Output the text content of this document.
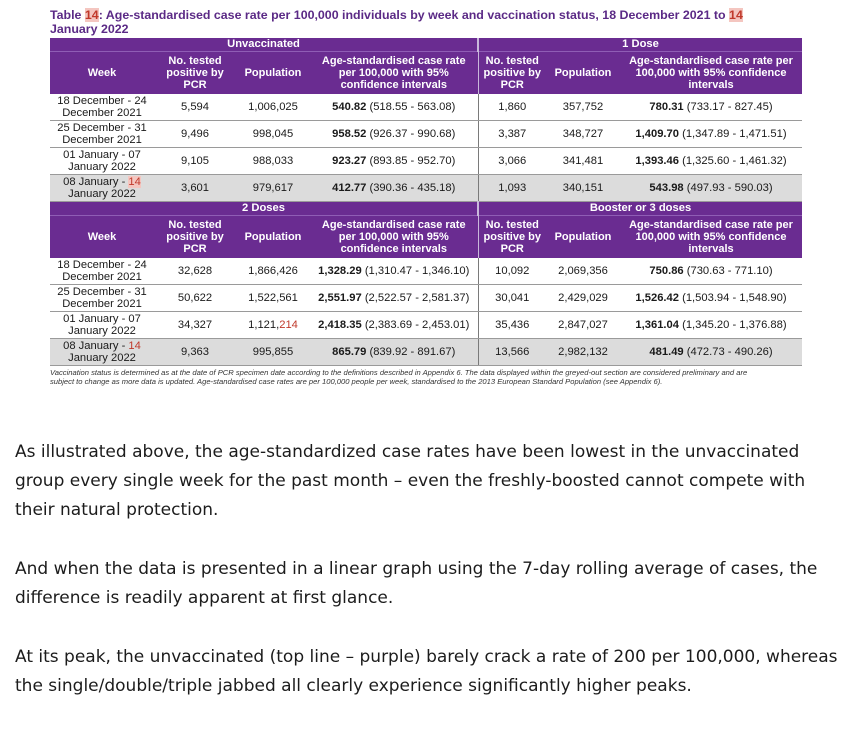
Table 14: Age-standardised case rate per 100,000 individuals by week and vaccination status, 18 December 2021 to 14
January 2022
Unvaccinated				1 Dose		
Week	No. tested positive by PCR	Population	Age-standardised case rate per 100,000 with 95% confidence intervals	No. tested positive by PCR	Population	Age-standardised case rate per 100,000 with 95% confidence intervals
18 December - 24 December 2021	5,594	1,006,025	540.82 (518.55 - 563.08)	1,860	357,752	780.31 (733.17 - 827.45)
25 December - 31 December 2021	9,496	998,045	958.52 (926.37 - 990.68)	3,387	348,727	1,409.70 (1,347.89 - 1,471.51)
01 January - 07 January 2022	9,105	988,033	923.27 (893.85 - 952.70)	3,066	341,481	1,393.46 (1,325.60 - 1,461.32)
08 January - 14
January 2022	3,601	979,617	412.77 (390.36 - 435.18)	1,093	340,151	543.98 (497.93 - 590.03)
2 Doses				Booster or 3 doses		
Week	No. tested positive by PCR	Population	Age-standardised case rate per 100,000 with 95% confidence intervals	No. tested positive by PCR	Population	Age-standardised case rate per 100,000 with 95% confidence intervals
18 December - 24 December 2021	32,628	1,866,426	1,328.29 (1,310.47 - 1,346.10)	10,092	2,069,356	750.86 (730.63 - 771.10)
25 December - 31 December 2021	50,622	1,522,561	2,551.97 (2,522.57 - 2,581.37)	30,041	2,429,029	1,526.42 (1,503.94 - 1,548.90)
01 January - 07 January 2022	34,327	1,121,214	2,418.35 (2,383.69 - 2,453.01)	35,436	2,847,027	1,361.04 (1,345.20 - 1,376.88)
08 January - 14
January 2022	9,363	995,855	865.79 (839.92 - 891.67)	13,566	2,982,132	481.49 (472.73 - 490.26)
Vaccination status is determined as at the date of PCR specimen date according to the definitions described in Appendix 6. The data displayed within the greyed-out section are considered preliminary and are subject to change as more data is updated. Age-standardised case rates are per 100,000 people per week, standardised to the 2013 European Standard Population (see Appendix 6).

As illustrated above, the age-standardized case rates have been lowest in the unvaccinated group every single week for the past month – even the freshly-boosted cannot compete with their natural protection.

And when the data is presented in a linear graph using the 7-day rolling average of cases, the difference is readily apparent at first glance.

At its peak, the unvaccinated (top line – purple) barely crack a rate of 200 per 100,000, whereas the single/double/triple jabbed all clearly experience significantly higher peaks.
